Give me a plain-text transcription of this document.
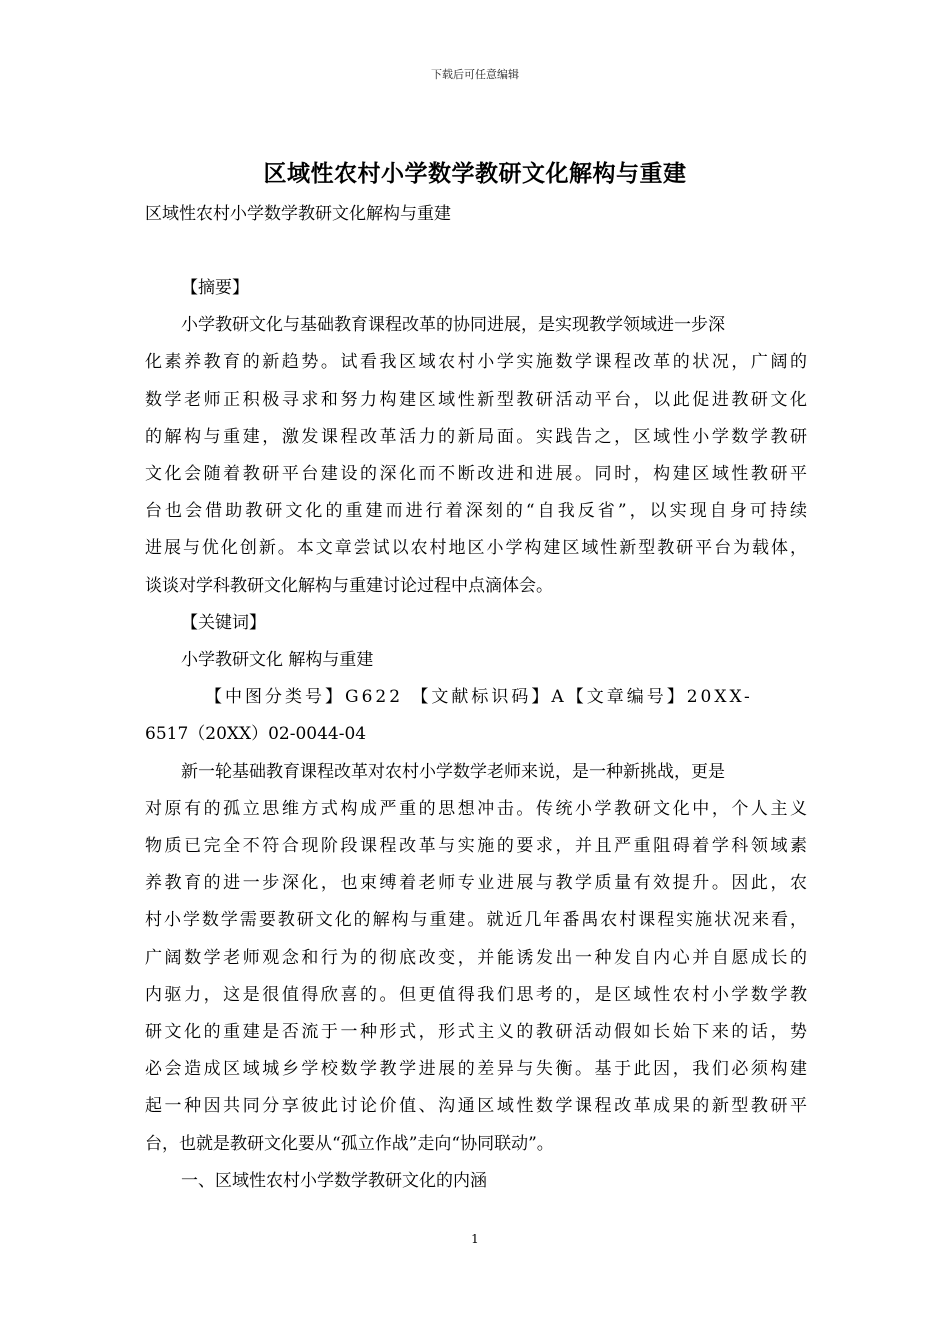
下载后可任意编辑
区域性农村小学数学教研文化解构与重建
区域性农村小学数学教研文化解构与重建
【摘要】
小学教研文化与基础教育课程改革的协同进展，是实现教学领域进一步深
化素养教育的新趋势。试看我区域农村小学实施数学课程改革的状况，广阔的
数学老师正积极寻求和努力构建区域性新型教研活动平台，以此促进教研文化
的解构与重建，激发课程改革活力的新局面。实践告之，区域性小学数学教研
文化会随着教研平台建设的深化而不断改进和进展。同时，构建区域性教研平
台也会借助教研文化的重建而进行着深刻的“自我反省”，以实现自身可持续
进展与优化创新。本文章尝试以农村地区小学构建区域性新型教研平台为载体，
谈谈对学科教研文化解构与重建讨论过程中点滴体会。
【关键词】
小学教研文化 解构与重建
【中图分类号】G622 【文献标识码】A【文章编号】20XX-
6517（20XX）02-0044-04
新一轮基础教育课程改革对农村小学数学老师来说，是一种新挑战，更是
对原有的孤立思维方式构成严重的思想冲击。传统小学教研文化中，个人主义
物质已完全不符合现阶段课程改革与实施的要求，并且严重阻碍着学科领域素
养教育的进一步深化，也束缚着老师专业进展与教学质量有效提升。因此，农
村小学数学需要教研文化的解构与重建。就近几年番禺农村课程实施状况来看，
广阔数学老师观念和行为的彻底改变，并能诱发出一种发自内心并自愿成长的
内驱力，这是很值得欣喜的。但更值得我们思考的，是区域性农村小学数学教
研文化的重建是否流于一种形式，形式主义的教研活动假如长始下来的话，势
必会造成区域城乡学校数学教学进展的差异与失衡。基于此因，我们必须构建
起一种因共同分享彼此讨论价值、沟通区域性数学课程改革成果的新型教研平
台，也就是教研文化要从“孤立作战”走向“协同联动”。
一、区域性农村小学数学教研文化的内涵
1
